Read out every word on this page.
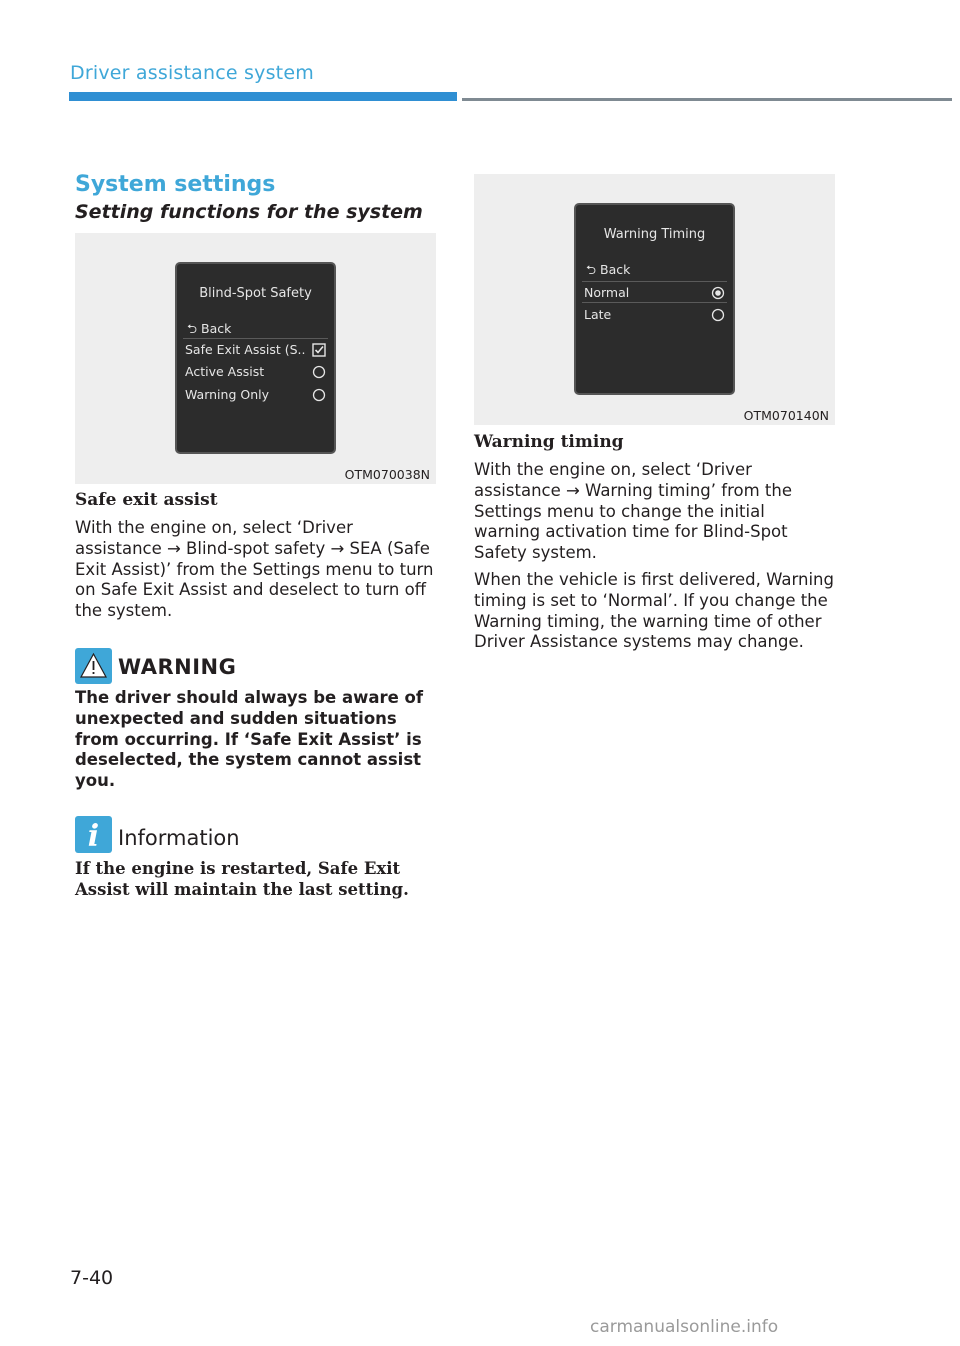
Driver assistance system
System settings
Setting functions for the system
Blind-Spot Safety
⮌ Back
Safe Exit Assist (S..
Active Assist
Warning Only
OTM070038N
Safe exit assist
With the engine on, select ‘Driver assistance → Blind-spot safety → SEA (Safe Exit Assist)’ from the Settings menu to turn on Safe Exit Assist and deselect to turn off the system.
WARNING
The driver should always be aware of unexpected and sudden situations from occurring. If ‘Safe Exit Assist’ is deselected, the system cannot assist you.
i Information
If the engine is restarted, Safe Exit Assist will maintain the last setting.
Warning Timing
⮌ Back
Normal
Late
OTM070140N
Warning timing
With the engine on, select ‘Driver assistance → Warning timing’ from the Settings menu to change the initial warning activation time for Blind-Spot Safety system.
When the vehicle is first delivered, Warning timing is set to ‘Normal’. If you change the Warning timing, the warning time of other Driver Assistance systems may change.
7-40
carmanualsonline.info
